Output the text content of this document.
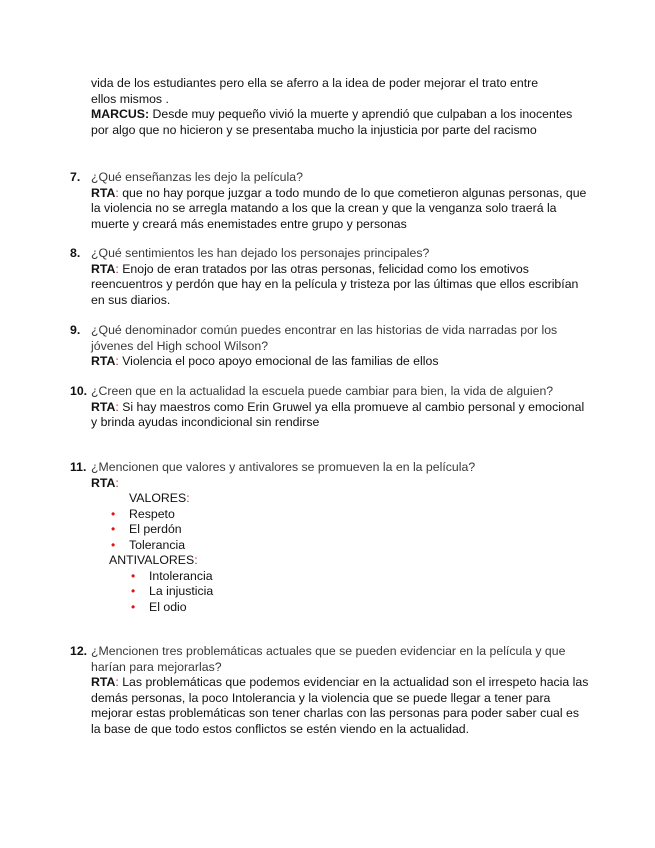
vida de los estudiantes pero ella se aferro a la idea de poder mejorar el trato entre
ellos mismos .

MARCUS: Desde muy pequeño vivió la muerte y aprendió que culpaban a los inocentes por algo que no hicieron y se presentaba mucho la injusticia por parte del racismo

7. ¿Qué enseñanzas les dejo la película?
RTA: que no hay porque juzgar a todo mundo de lo que cometieron algunas personas, que la violencia no se arregla matando a los que la crean y que la venganza solo traerá la muerte y creará más enemistades entre grupo y personas
8. ¿Qué sentimientos les han dejado los personajes principales?
RTA: Enojo de eran tratados por las otras personas, felicidad como los emotivos reencuentros y perdón que hay en la película y tristeza por las últimas que ellos escribían en sus diarios.
9. ¿Qué denominador común puedes encontrar en las historias de vida narradas por los jóvenes del High school Wilson?
RTA: Violencia el poco apoyo emocional de las familias de ellos
10. ¿Creen que en la actualidad la escuela puede cambiar para bien, la vida de alguien?
RTA: Si hay maestros como Erin Gruwel ya ella promueve al cambio personal y emocional y brinda ayudas incondicional sin rendirse
11. ¿Mencionen que valores y antivalores se promueven la en la película?
RTA:
VALORES:
• Respeto
• El perdón
• Tolerancia
ANTIVALORES:
• Intolerancia
• La injusticia
• El odio
12. ¿Mencionen tres problemáticas actuales que se pueden evidenciar en la película y que harían para mejorarlas?
RTA: Las problemáticas que podemos evidenciar en la actualidad son el irrespeto hacia las demás personas, la poco Intolerancia y la violencia que se puede llegar a tener para mejorar estas problemáticas son tener charlas con las personas para poder saber cual es la base de que todo estos conflictos se estén viendo en la actualidad.
